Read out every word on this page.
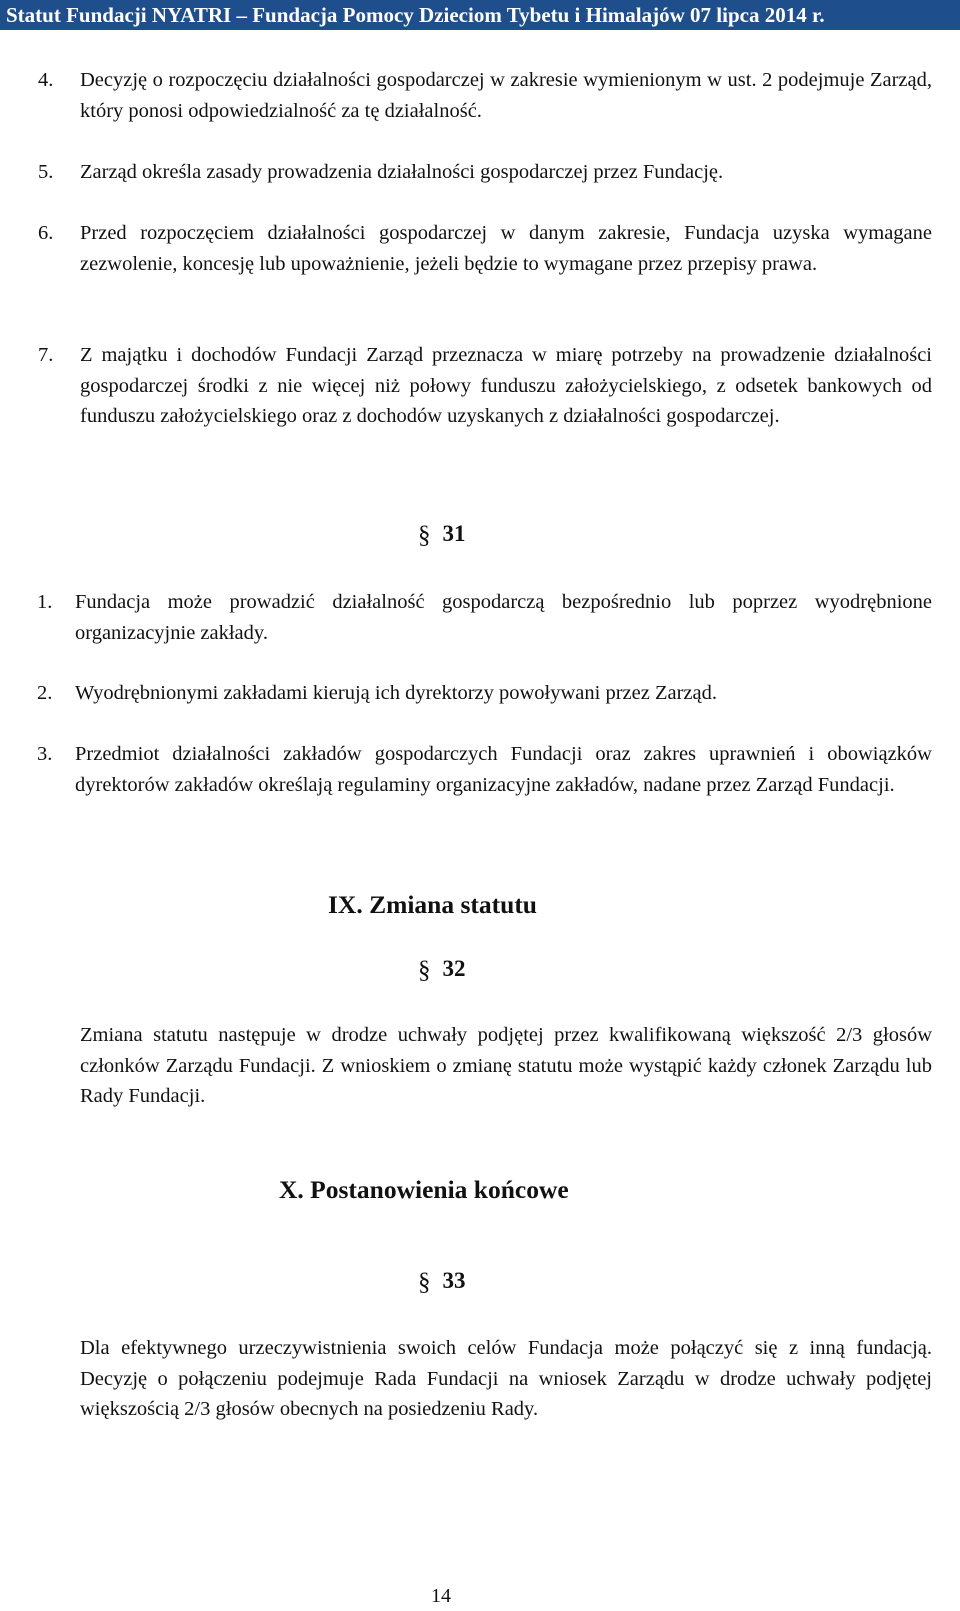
Statut Fundacji NYATRI – Fundacja Pomocy Dzieciom Tybetu i Himalajów 07 lipca 2014 r.

4. Decyzję o rozpoczęciu działalności gospodarczej w zakresie wymienionym w ust. 2 podejmuje Zarząd, który ponosi odpowiedzialność za tę działalność.

5. Zarząd określa zasady prowadzenia działalności gospodarczej przez Fundację.

6. Przed rozpoczęciem działalności gospodarczej w danym zakresie, Fundacja uzyska wymagane zezwolenie, koncesję lub upoważnienie, jeżeli będzie to wymagane przez przepisy prawa.

7. Z majątku i dochodów Fundacji Zarząd przeznacza w miarę potrzeby na prowadzenie działalności gospodarczej środki z nie więcej niż połowy funduszu założycielskiego, z odsetek bankowych od funduszu założycielskiego oraz z dochodów uzyskanych z działalności gospodarczej.

§ 31

1. Fundacja może prowadzić działalność gospodarczą bezpośrednio lub poprzez wyodrębnione organizacyjnie zakłady.

2. Wyodrębnionymi zakładami kierują ich dyrektorzy powoływani przez Zarząd.

3. Przedmiot działalności zakładów gospodarczych Fundacji oraz zakres uprawnień i obowiązków dyrektorów zakładów określają regulaminy organizacyjne zakładów, nadane przez Zarząd Fundacji.

IX. Zmiana statutu
§ 32

Zmiana statutu następuje w drodze uchwały podjętej przez kwalifikowaną większość 2/3 głosów członków Zarządu Fundacji. Z wnioskiem o zmianę statutu może wystąpić każdy członek Zarządu lub Rady Fundacji.

X. Postanowienia końcowe
§ 33

Dla efektywnego urzeczywistnienia swoich celów Fundacja może połączyć się z inną fundacją. Decyzję o połączeniu podejmuje Rada Fundacji na wniosek Zarządu w drodze uchwały podjętej większością 2/3 głosów obecnych na posiedzeniu Rady.

14
